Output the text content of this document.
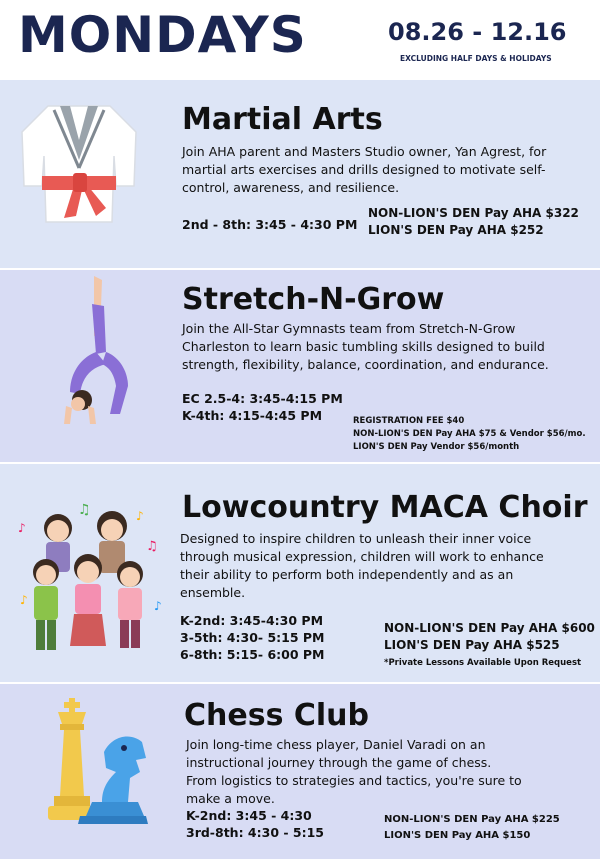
MONDAYS	08.26 - 12.16
EXCLUDING HALF DAYS & HOLIDAYS
Martial Arts
Join AHA parent and Masters Studio owner, Yan Agrest, for martial arts exercises and drills designed to motivate self-control, awareness, and resilience.
2nd - 8th: 3:45 - 4:30 PM
NON-LION'S DEN Pay AHA $322
LION'S DEN Pay AHA $252
Stretch-N-Grow
Join the All-Star Gymnasts team from Stretch-N-Grow Charleston to learn basic tumbling skills designed to build strength, flexibility, balance, coordination, and endurance.
EC 2.5-4: 3:45-4:15 PM
K-4th: 4:15-4:45 PM	REGISTRATION FEE $40
NON-LION'S DEN Pay AHA $75 & Vendor $56/mo.
LION'S DEN Pay Vendor $56/month
♫
♪
♪
♫
♪	♪
Lowcountry MACA Choir
Designed to inspire children to unleash their inner voice through musical expression, children will work to enhance their ability to perform both independently and as an ensemble.
K-2nd: 3:45-4:30 PM
3-5th: 4:30- 5:15 PM
6-8th: 5:15- 6:00 PM
NON-LION'S DEN Pay AHA $600
LION'S DEN Pay AHA $525
*Private Lessons Available Upon Request
Chess Club
Join long-time chess player, Daniel Varadi on an instructional journey through the game of chess. From logistics to strategies and tactics, you're sure to make a move.
K-2nd: 3:45 - 4:30
3rd-8th: 4:30 - 5:15
NON-LION'S DEN Pay AHA $225
LION'S DEN Pay AHA $150
